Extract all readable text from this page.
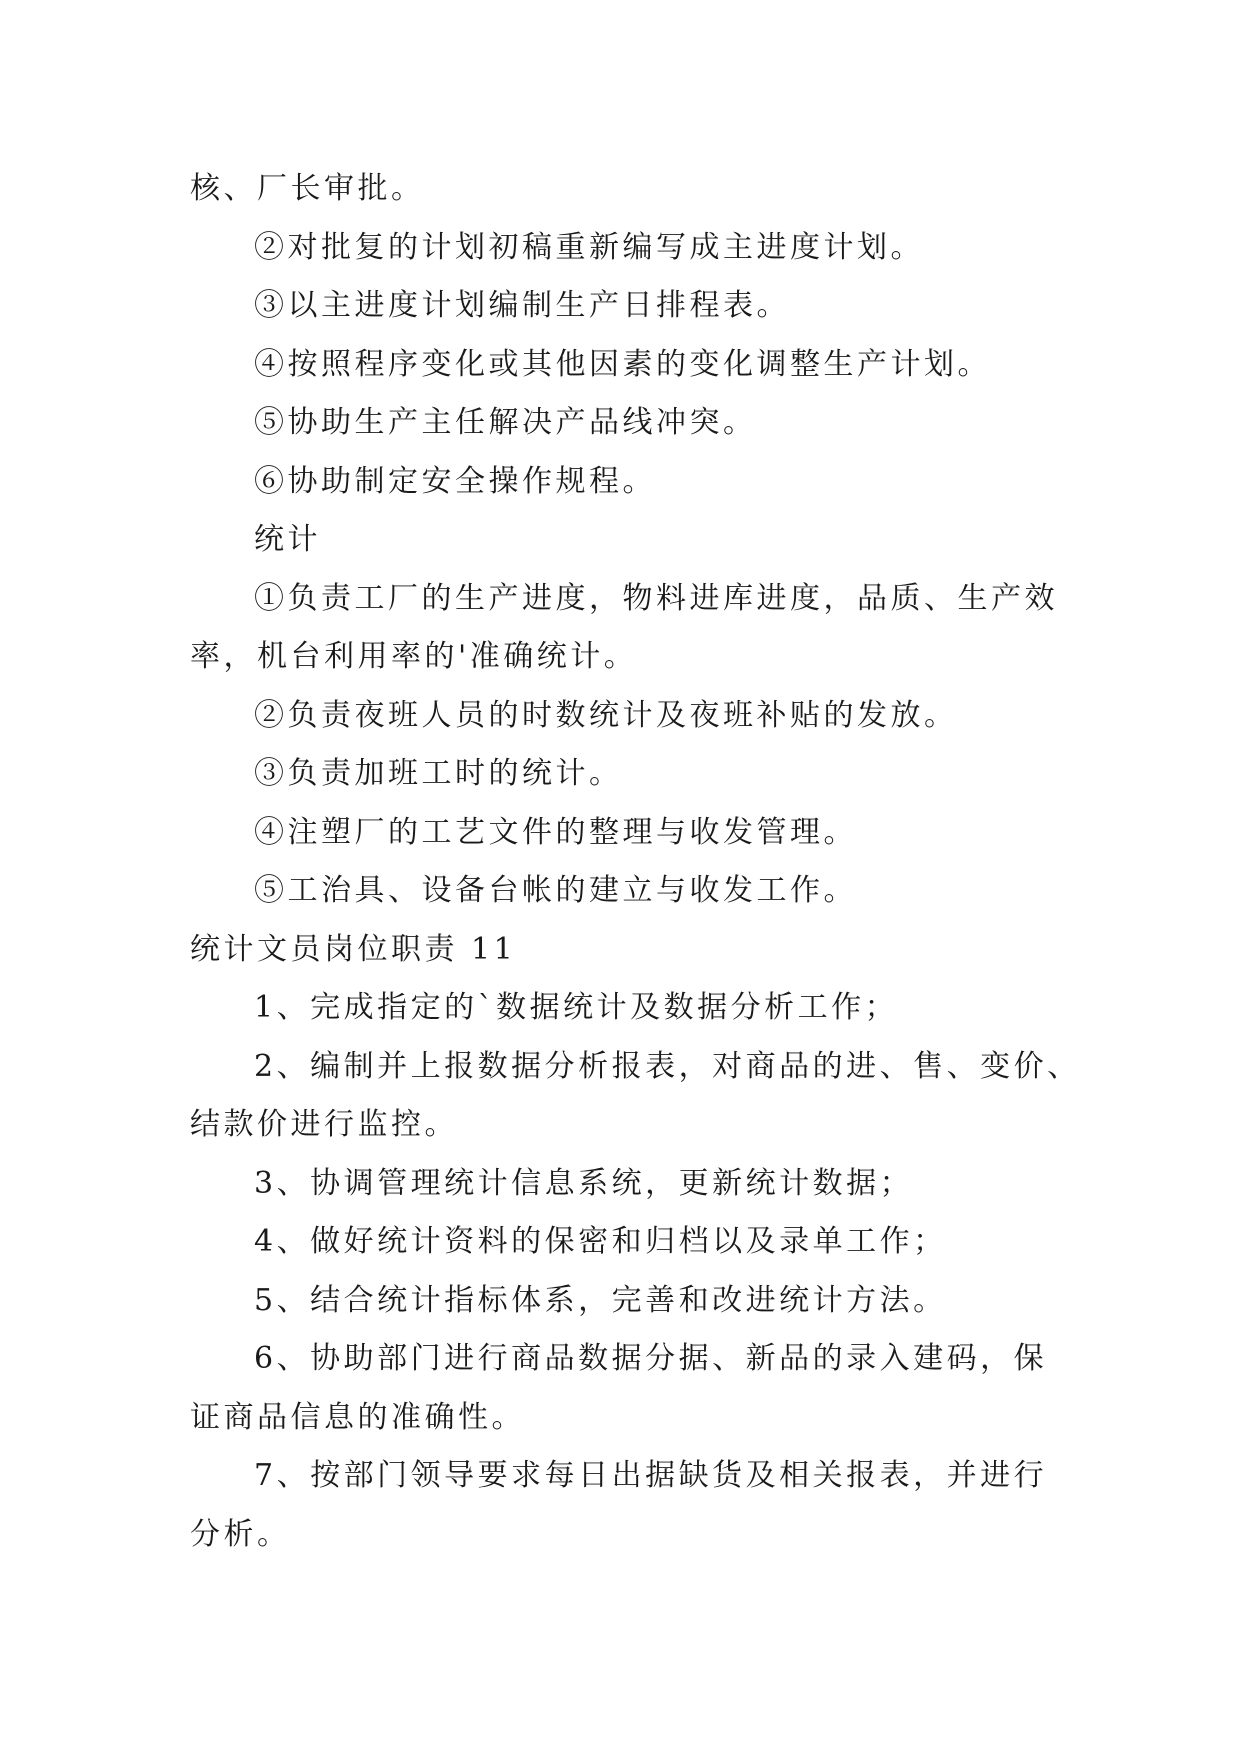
核、厂长审批。
②对批复的计划初稿重新编写成主进度计划。
③以主进度计划编制生产日排程表。
④按照程序变化或其他因素的变化调整生产计划。
⑤协助生产主任解决产品线冲突。
⑥协助制定安全操作规程。
统计
①负责工厂的生产进度，物料进库进度，品质、生产效
率，机台利用率的'准确统计。
②负责夜班人员的时数统计及夜班补贴的发放。
③负责加班工时的统计。
④注塑厂的工艺文件的整理与收发管理。
⑤工治具、设备台帐的建立与收发工作。
统计文员岗位职责 11
1、完成指定的`数据统计及数据分析工作；
2、编制并上报数据分析报表，对商品的进、售、变价、
结款价进行监控。
3、协调管理统计信息系统，更新统计数据；
4、做好统计资料的保密和归档以及录单工作；
5、结合统计指标体系，完善和改进统计方法。
6、协助部门进行商品数据分据、新品的录入建码，保
证商品信息的准确性。
7、按部门领导要求每日出据缺货及相关报表，并进行
分析。
